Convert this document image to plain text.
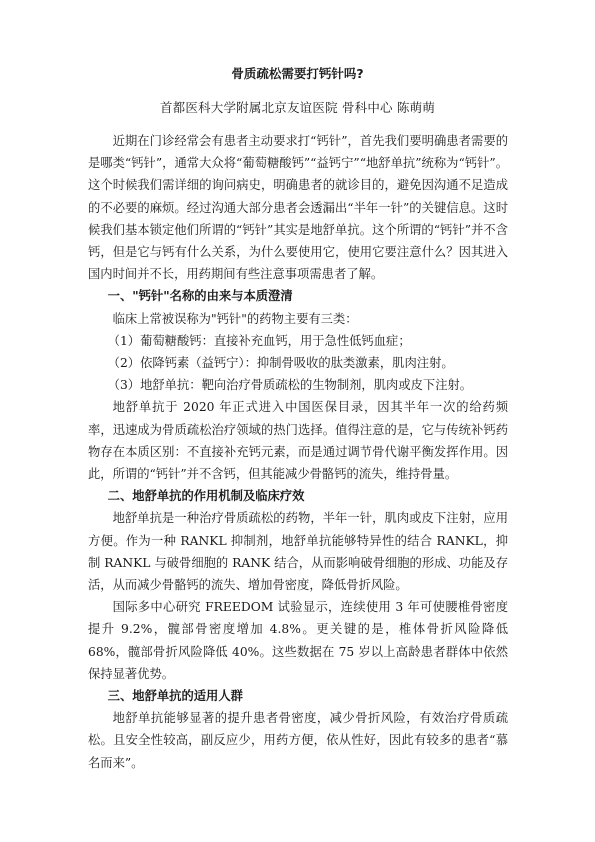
骨质疏松需要打钙针吗?
首都医科大学附属北京友谊医院 骨科中心 陈萌萌

近期在门诊经常会有患者主动要求打“钙针”，首先我们要明确患者需要的是哪类“钙针”，通常大众将“葡萄糖酸钙”“益钙宁”“地舒单抗”统称为“钙针”。这个时候我们需详细的询问病史，明确患者的就诊目的，避免因沟通不足造成的不必要的麻烦。经过沟通大部分患者会透漏出“半年一针”的关键信息。这时候我们基本锁定他们所谓的“钙针”其实是地舒单抗。这个所谓的“钙针”并不含钙，但是它与钙有什么关系，为什么要使用它，使用它要注意什么？因其进入国内时间并不长，用药期间有些注意事项需患者了解。

一、"钙针"名称的由来与本质澄清

临床上常被误称为"钙针"的药物主要有三类：

（1）葡萄糖酸钙：直接补充血钙，用于急性低钙血症；

（2）依降钙素（益钙宁）：抑制骨吸收的肽类激素，肌肉注射。

（3）地舒单抗：靶向治疗骨质疏松的生物制剂，肌肉或皮下注射。

地舒单抗于 2020 年正式进入中国医保目录，因其半年一次的给药频率，迅速成为骨质疏松治疗领域的热门选择。值得注意的是，它与传统补钙药物存在本质区别：不直接补充钙元素，而是通过调节骨代谢平衡发挥作用。因此，所谓的“钙针”并不含钙，但其能减少骨骼钙的流失，维持骨量。

二、地舒单抗的作用机制及临床疗效

地舒单抗是一种治疗骨质疏松的药物，半年一针，肌肉或皮下注射，应用方便。作为一种 RANKL 抑制剂，地舒单抗能够特异性的结合 RANKL，抑制 RANKL 与破骨细胞的 RANK 结合，从而影响破骨细胞的形成、功能及存活，从而减少骨骼钙的流失、增加骨密度，降低骨折风险。

国际多中心研究 FREEDOM 试验显示，连续使用 3 年可使腰椎骨密度提升 9.2%，髋部骨密度增加 4.8%。更关键的是，椎体骨折风险降低 68%，髋部骨折风险降低 40%。这些数据在 75 岁以上高龄患者群体中依然保持显著优势。

三、地舒单抗的适用人群

地舒单抗能够显著的提升患者骨密度，减少骨折风险，有效治疗骨质疏松。且安全性较高，副反应少，用药方便，依从性好，因此有较多的患者“慕名而来”。
